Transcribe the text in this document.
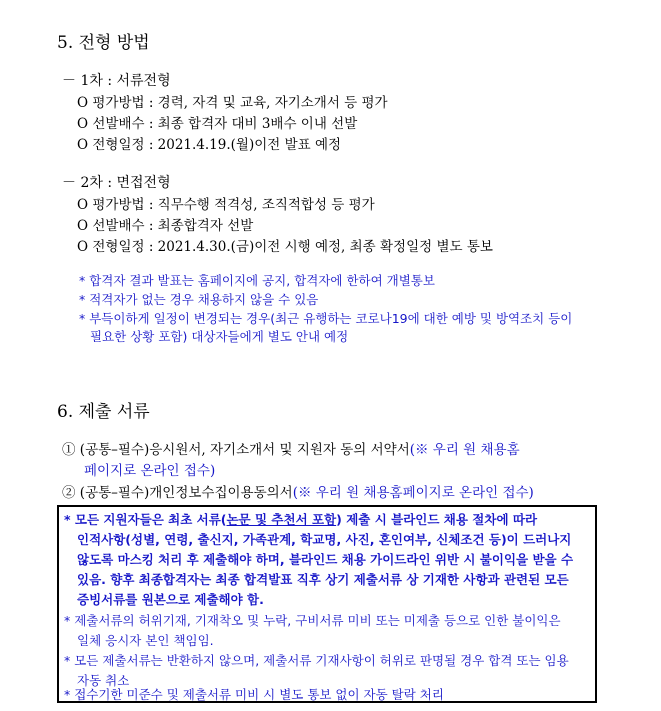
5. 전형 방법
－ 1차 : 서류전형
O 평가방법 : 경력, 자격 및 교육, 자기소개서 등 평가
O 선발배수 : 최종 합격자 대비 3배수 이내 선발
O 전형일정 : 2021.4.19.(월)이전 발표 예정
－ 2차 : 면접전형
O 평가방법 : 직무수행 적격성, 조직적합성 등 평가
O 선발배수 : 최종합격자 선발
O 전형일정 : 2021.4.30.(금)이전 시행 예정, 최종 확정일정 별도 통보
* 합격자 결과 발표는 홈페이지에 공지, 합격자에 한하여 개별통보
* 적격자가 없는 경우 채용하지 않을 수 있음
* 부득이하게 일정이 변경되는 경우(최근 유행하는 코로나19에 대한 예방 및 방역조치 등이
필요한 상황 포함) 대상자들에게 별도 안내 예정
6. 제출 서류
① (공통–필수)응시원서, 자기소개서 및 지원자 동의 서약서(※ 우리 원 채용홈
페이지로 온라인 접수)
② (공통–필수)개인정보수집이용동의서(※ 우리 원 채용홈페이지로 온라인 접수)
* 모든 지원자들은 최초 서류(논문 및 추천서 포함) 제출 시 블라인드 채용 절차에 따라
인적사항(성별, 연령, 출신지, 가족관계, 학교명, 사진, 혼인여부, 신체조건 등)이 드러나지
않도록 마스킹 처리 후 제출해야 하며, 블라인드 채용 가이드라인 위반 시 불이익을 받을 수
있음. 향후 최종합격자는 최종 합격발표 직후 상기 제출서류 상 기재한 사항과 관련된 모든
증빙서류를 원본으로 제출해야 함.
* 제출서류의 허위기재, 기재착오 및 누락, 구비서류 미비 또는 미제출 등으로 인한 불이익은
일체 응시자 본인 책임임.
* 모든 제출서류는 반환하지 않으며, 제출서류 기재사항이 허위로 판명될 경우 합격 또는 임용
자동 취소
* 접수기한 미준수 및 제출서류 미비 시 별도 통보 없이 자동 탈락 처리
